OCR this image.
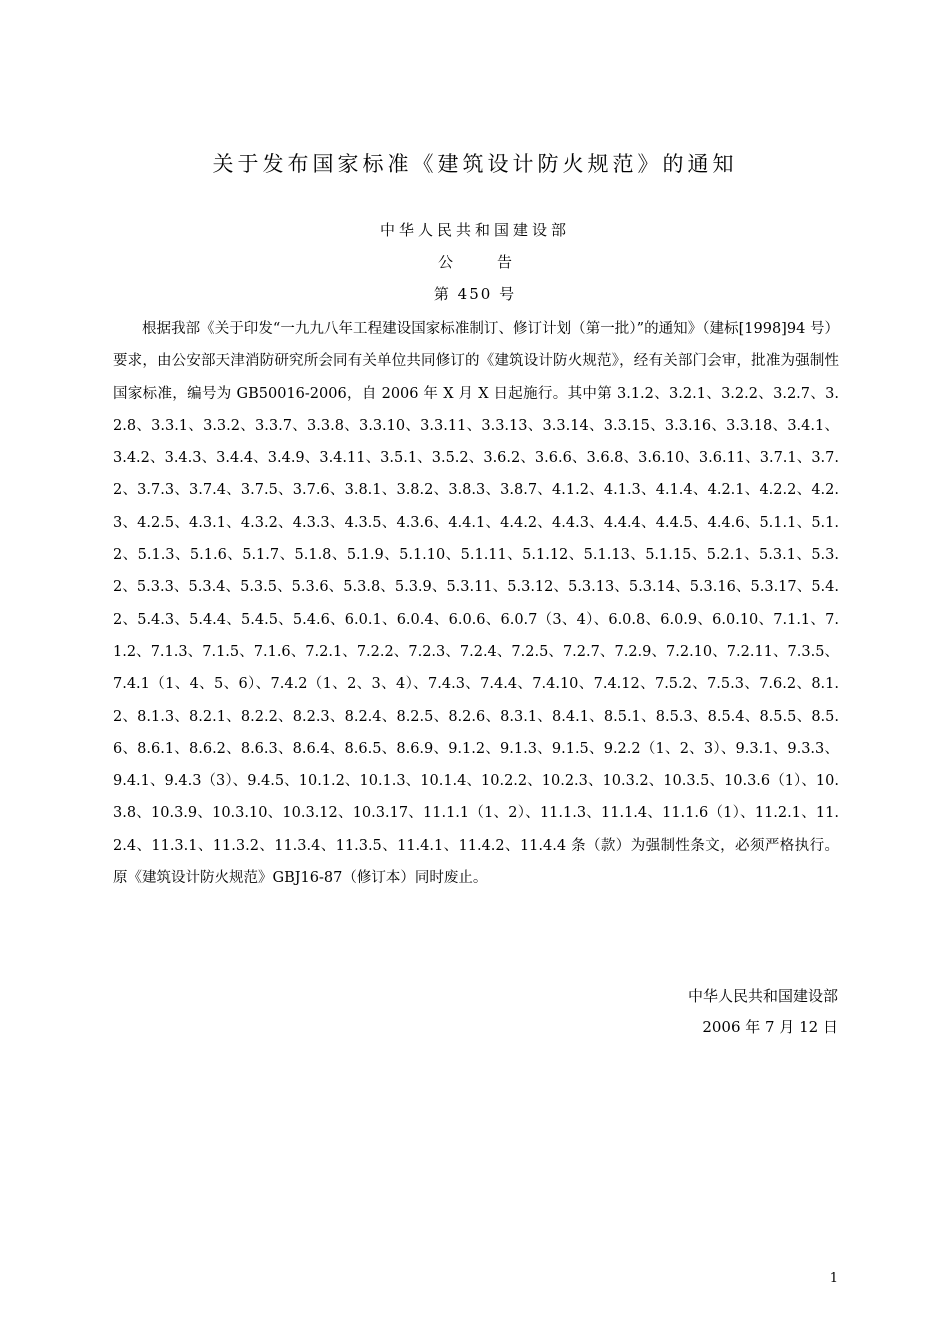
关于发布国家标准《建筑设计防火规范》的通知
中华人民共和国建设部
公告
第 450 号
根据我部《关于印发“一九九八年工程建设国家标准制订、修订计划（第一批）”的通知》（建标[1998]94 号）要求，由公安部天津消防研究所会同有关单位共同修订的《建筑设计防火规范》，经有关部门会审，批准为强制性国家标准，编号为 GB50016-2006，自 2006 年 X 月 X 日起施行。其中第 3.1.2、3.2.1、3.2.2、3.2.7、3.2.8、3.3.1、3.3.2、3.3.7、3.3.8、3.3.10、3.3.11、3.3.13、3.3.14、3.3.15、3.3.16、3.3.18、3.4.1、3.4.2、3.4.3、3.4.4、3.4.9、3.4.11、3.5.1、3.5.2、3.6.2、3.6.6、3.6.8、3.6.10、3.6.11、3.7.1、3.7.2、3.7.3、3.7.4、3.7.5、3.7.6、3.8.1、3.8.2、3.8.3、3.8.7、4.1.2、4.1.3、4.1.4、4.2.1、4.2.2、4.2.3、4.2.5、4.3.1、4.3.2、4.3.3、4.3.5、4.3.6、4.4.1、4.4.2、4.4.3、4.4.4、4.4.5、4.4.6、5.1.1、5.1.2、5.1.3、5.1.6、5.1.7、5.1.8、5.1.9、5.1.10、5.1.11、5.1.12、5.1.13、5.1.15、5.2.1、5.3.1、5.3.2、5.3.3、5.3.4、5.3.5、5.3.6、5.3.8、5.3.9、5.3.11、5.3.12、5.3.13、5.3.14、5.3.16、5.3.17、5.4.2、5.4.3、5.4.4、5.4.5、5.4.6、6.0.1、6.0.4、6.0.6、6.0.7（3、4）、6.0.8、6.0.9、6.0.10、7.1.1、7.1.2、7.1.3、7.1.5、7.1.6、7.2.1、7.2.2、7.2.3、7.2.4、7.2.5、7.2.7、7.2.9、7.2.10、7.2.11、7.3.5、7.4.1（1、4、5、6）、7.4.2（1、2、3、4）、7.4.3、7.4.4、7.4.10、7.4.12、7.5.2、7.5.3、7.6.2、8.1.2、8.1.3、8.2.1、8.2.2、8.2.3、8.2.4、8.2.5、8.2.6、8.3.1、8.4.1、8.5.1、8.5.3、8.5.4、8.5.5、8.5.6、8.6.1、8.6.2、8.6.3、8.6.4、8.6.5、8.6.9、9.1.2、9.1.3、9.1.5、9.2.2（1、2、3）、9.3.1、9.3.3、9.4.1、9.4.3（3）、9.4.5、10.1.2、10.1.3、10.1.4、10.2.2、10.2.3、10.3.2、10.3.5、10.3.6（1）、10.3.8、10.3.9、10.3.10、10.3.12、10.3.17、11.1.1（1、2）、11.1.3、11.1.4、11.1.6（1）、11.2.1、11.2.4、11.3.1、11.3.2、11.3.4、11.3.5、11.4.1、11.4.2、11.4.4 条（款）为强制性条文，必须严格执行。原《建筑设计防火规范》GBJ16-87（修订本）同时废止。
中华人民共和国建设部
2006 年 7 月 12 日
1
